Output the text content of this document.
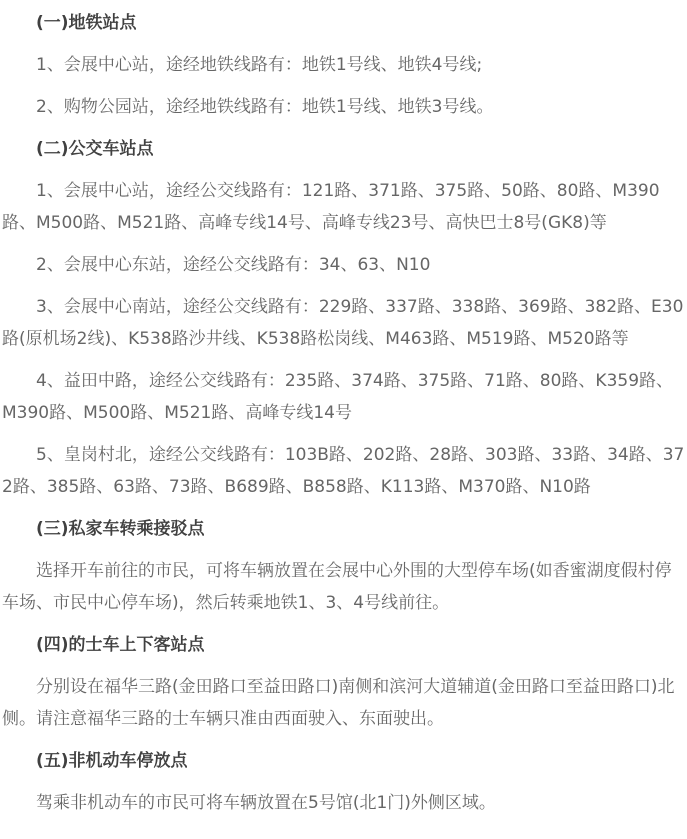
(一)地铁站点

1、会展中心站，途经地铁线路有：地铁1号线、地铁4号线;

2、购物公园站，途经地铁线路有：地铁1号线、地铁3号线。

(二)公交车站点

1、会展中心站，途经公交线路有：121路、371路、375路、50路、80路、M390路、M500路、M521路、高峰专线14号、高峰专线23号、高快巴士8号(GK8)等

2、会展中心东站，途经公交线路有：34、63、N10

3、会展中心南站，途经公交线路有：229路、337路、338路、369路、382路、E30路(原机场2线)、K538路沙井线、K538路松岗线、M463路、M519路、M520路等

4、益田中路，途经公交线路有：235路、374路、375路、71路、80路、K359路、M390路、M500路、M521路、高峰专线14号

5、皇岗村北，途经公交线路有：103B路、202路、28路、303路、33路、34路、372路、385路、63路、73路、B689路、B858路、K113路、M370路、N10路

(三)私家车转乘接驳点

选择开车前往的市民，可将车辆放置在会展中心外围的大型停车场(如香蜜湖度假村停车场、市民中心停车场)，然后转乘地铁1、3、4号线前往。

(四)的士车上下客站点

分别设在福华三路(金田路口至益田路口)南侧和滨河大道辅道(金田路口至益田路口)北侧。请注意福华三路的士车辆只准由西面驶入、东面驶出。

(五)非机动车停放点

驾乘非机动车的市民可将车辆放置在5号馆(北1门)外侧区域。
